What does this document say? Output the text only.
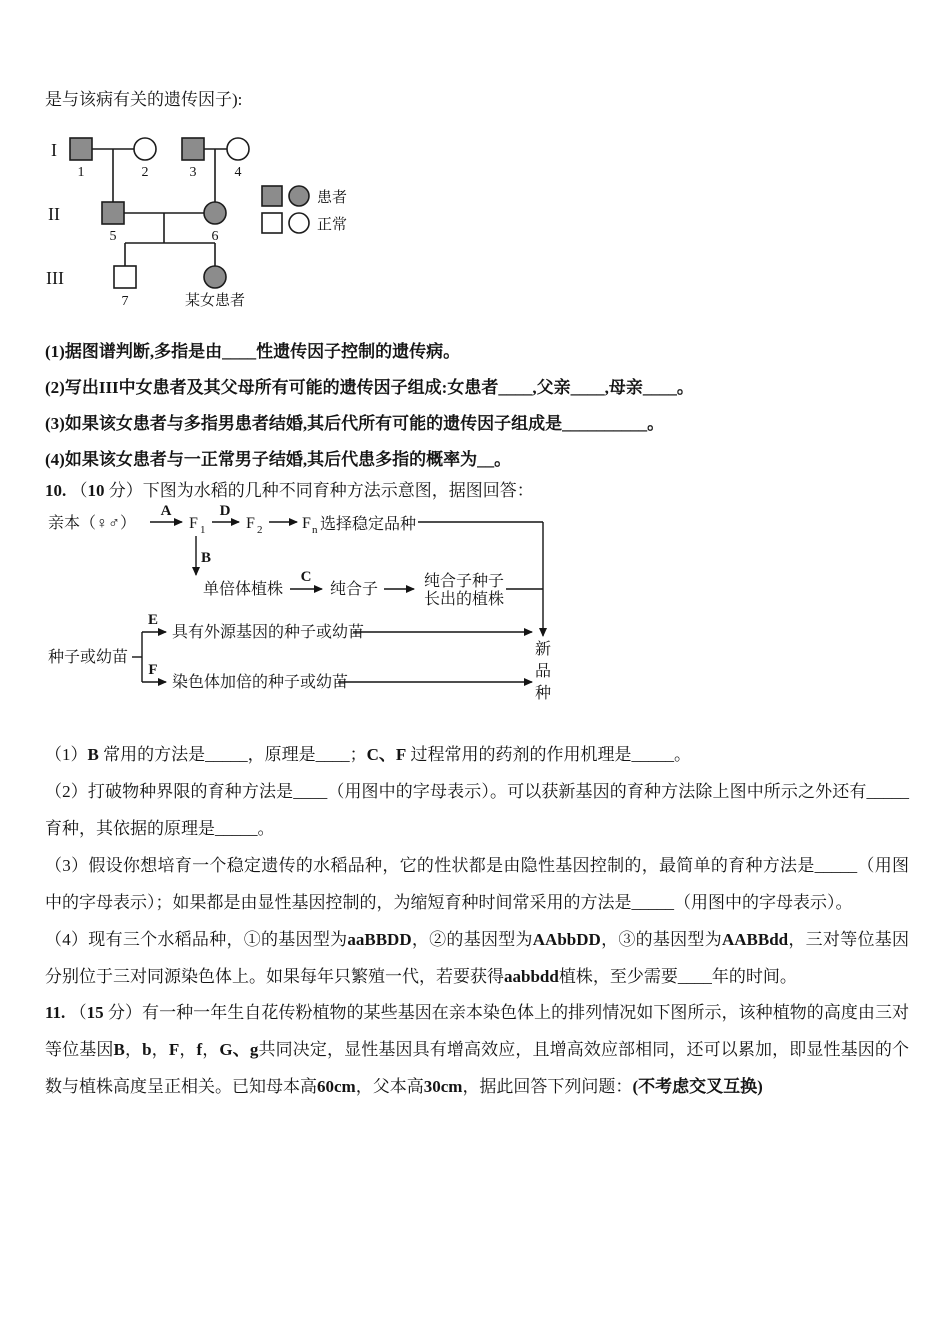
是与该病有关的遗传因子):

I
II
III
1	2	3	4
5	6
7	某女患者
患者
正常

(1)据图谱判断,多指是由____性遗传因子控制的遗传病。

(2)写出III中女患者及其父母所有可能的遗传因子组成:女患者____,父亲____,母亲____。

(3)如果该女患者与多指男患者结婚,其后代所有可能的遗传因子组成是__________。

(4)如果该女患者与一正常男子结婚,其后代患多指的概率为__。

10. （10 分）下图为水稻的几种不同育种方法示意图，据图回答：

亲本（♀♂）
A
F 1
D
F 2 F n 选择稳定品种
B
单倍体植株
C
纯合子	纯合子种子
长出的植株
种子或幼苗
E
具有外源基因的种子或幼苗
F
染色体加倍的种子或幼苗
新
品
种

（1）B 常用的方法是_____，原理是____；C、F 过程常用的药剂的作用机理是_____。

（2）打破物种界限的育种方法是____（用图中的字母表示）。可以获新基因的育种方法除上图中所示之外还有_____ 育种，其依据的原理是_____。

（3）假设你想培育一个稳定遗传的水稻品种，它的性状都是由隐性基因控制的，最简单的育种方法是_____（用图中的字母表示）；如果都是由显性基因控制的，为缩短育种时间常采用的方法是_____（用图中的字母表示）。

（4）现有三个水稻品种，①的基因型为aaBBDD，②的基因型为AAbbDD，③的基因型为AABBdd，三对等位基因分别位于三对同源染色体上。如果每年只繁殖一代，若要获得aabbdd植株，至少需要____年的时间。

11. （15 分）有一种一年生自花传粉植物的某些基因在亲本染色体上的排列情况如下图所示，该种植物的高度由三对等位基因B，b，F，f，G、g共同决定，显性基因具有增高效应，且增高效应部相同，还可以累加，即显性基因的个数与植株高度呈正相关。已知母本高60cm，父本高30cm，据此回答下列问题：(不考虑交叉互换)
